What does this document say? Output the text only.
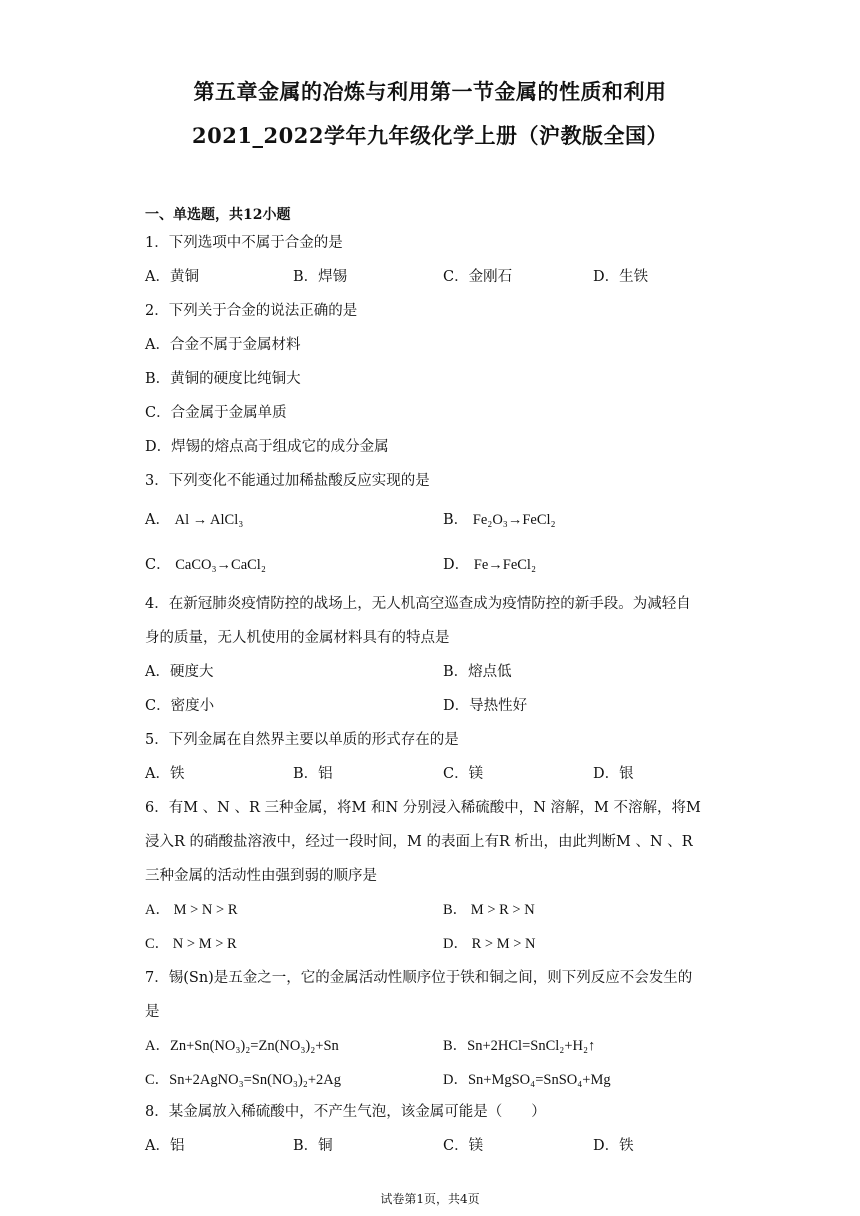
第五章金属的冶炼与利用第一节金属的性质和利用
2021_2022学年九年级化学上册（沪教版全国）
一、单选题，共12小题
1．下列选项中不属于合金的是
A．黄铜	B．焊锡	C．金刚石	D．生铁
2．下列关于合金的说法正确的是
A．合金不属于金属材料
B．黄铜的硬度比纯铜大
C．合金属于金属单质
D．焊锡的熔点高于组成它的成分金属
3．下列变化不能通过加稀盐酸反应实现的是
A． Al → AlCl₃	B． Fe₂O₃→FeCl₂
C． CaCO₃→CaCl₂	D． Fe→FeCl₂
4．在新冠肺炎疫情防控的战场上，无人机高空巡查成为疫情防控的新手段。为减轻自
身的质量，无人机使用的金属材料具有的特点是
A．硬度大	B．熔点低
C．密度小	D．导热性好
5．下列金属在自然界主要以单质的形式存在的是
A．铁	B．铝	C．镁	D．银
6．有M 、N 、R 三种金属，将M 和N 分别浸入稀硫酸中，N 溶解，M 不溶解，将M
浸入R 的硝酸盐溶液中，经过一段时间，M 的表面上有R 析出，由此判断M 、N 、R
三种金属的活动性由强到弱的顺序是
A． M > N > R	B． M > R > N
C． N > M > R	D． R > M > N
7．锡(Sn)是五金之一，它的金属活动性顺序位于铁和铜之间，则下列反应不会发生的
是
A．Zn+Sn(NO₃)₂=Zn(NO₃)₂+Sn	B．Sn+2HCl=SnCl₂+H₂↑
C．Sn+2AgNO₃=Sn(NO₃)₂+2Ag	D．Sn+MgSO₄=SnSO₄+Mg
8．某金属放入稀硫酸中，不产生气泡，该金属可能是（　　）
A．铝	B．铜	C．镁	D．铁
试卷第1页，共4页
